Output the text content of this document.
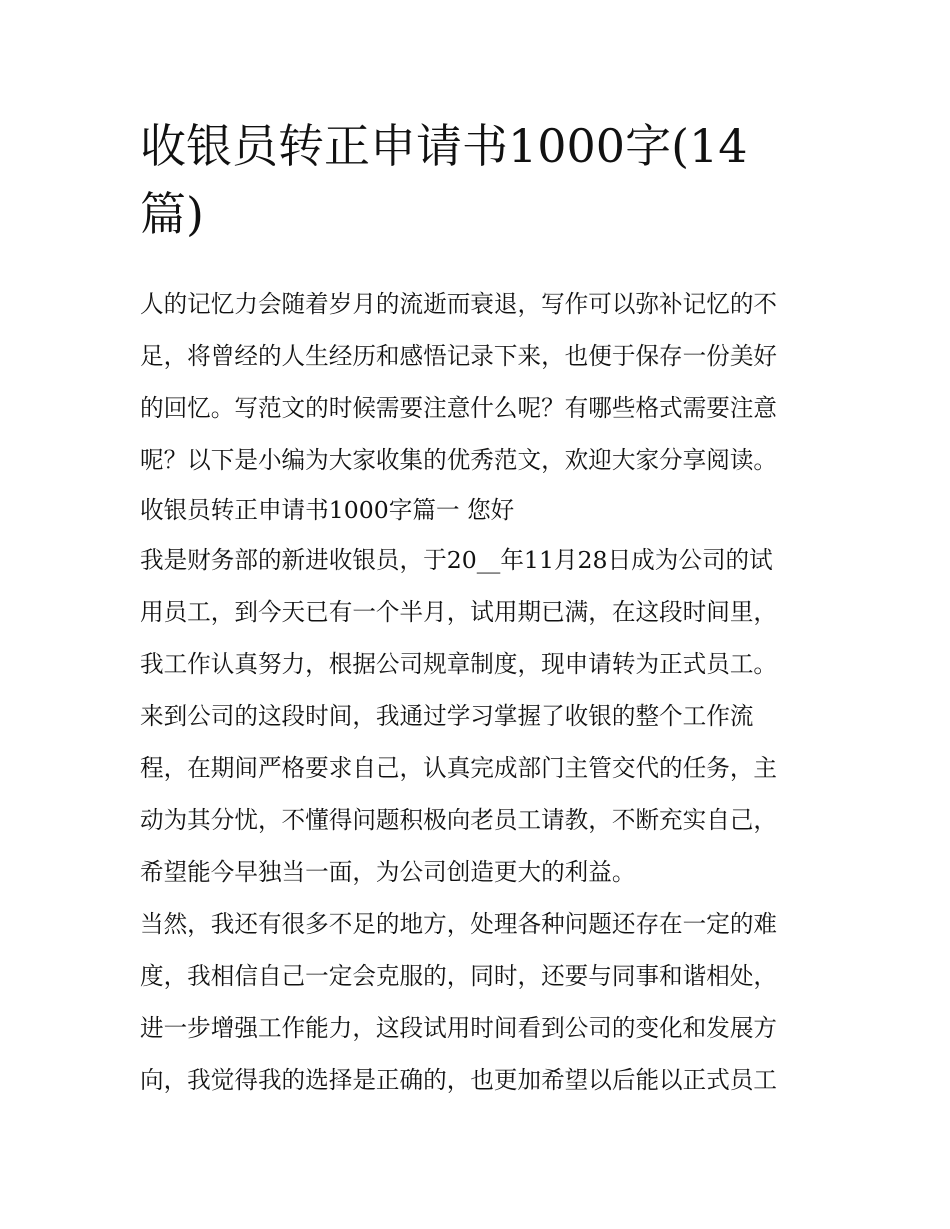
收银员转正申请书1000字(14篇)
人的记忆力会随着岁月的流逝而衰退，写作可以弥补记忆的不
足，将曾经的人生经历和感悟记录下来，也便于保存一份美好
的回忆。写范文的时候需要注意什么呢？有哪些格式需要注意
呢？以下是小编为大家收集的优秀范文，欢迎大家分享阅读。
收银员转正申请书1000字篇一 您好
我是财务部的新进收银员，于20__年11月28日成为公司的试
用员工，到今天已有一个半月，试用期已满，在这段时间里，
我工作认真努力，根据公司规章制度，现申请转为正式员工。
来到公司的这段时间，我通过学习掌握了收银的整个工作流
程，在期间严格要求自己，认真完成部门主管交代的任务，主
动为其分忧，不懂得问题积极向老员工请教，不断充实自己，
希望能今早独当一面，为公司创造更大的利益。
当然，我还有很多不足的地方，处理各种问题还存在一定的难
度，我相信自己一定会克服的，同时，还要与同事和谐相处，
进一步增强工作能力，这段试用时间看到公司的变化和发展方
向，我觉得我的选择是正确的，也更加希望以后能以正式员工
